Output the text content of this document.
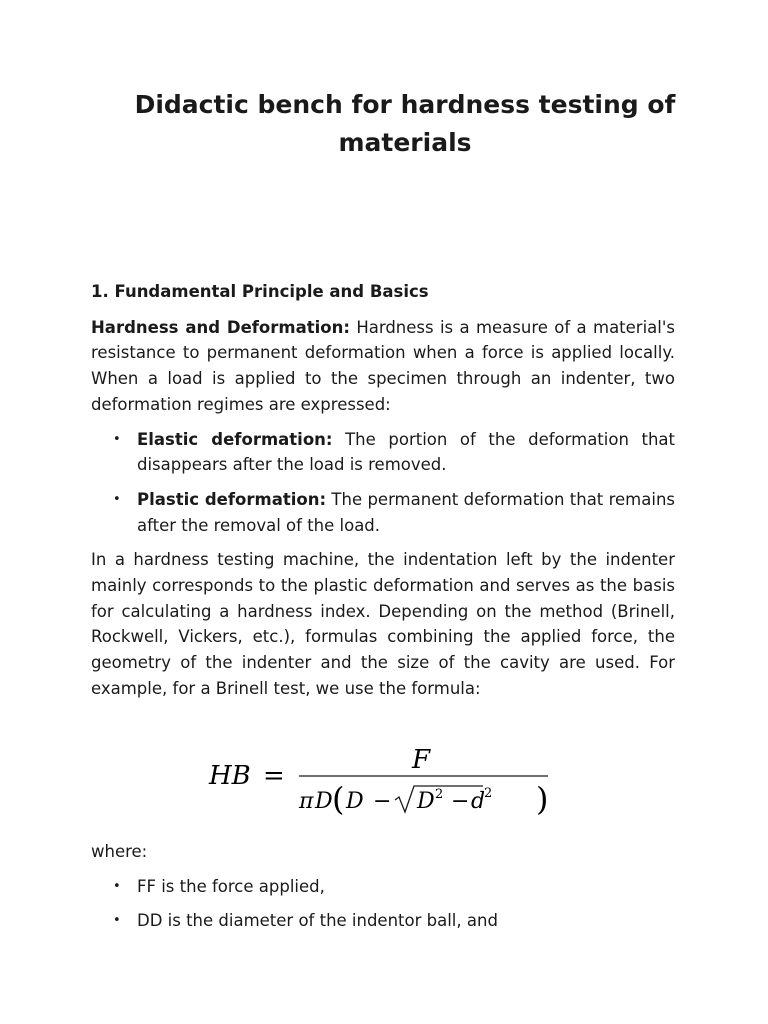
Didactic bench for hardness testing of
materials

1. Fundamental Principle and Basics

Hardness and Deformation: Hardness is a measure of a material's resistance to permanent deformation when a force is applied locally. When a load is applied to the specimen through an indenter, two deformation regimes are expressed:

• Elastic deformation: The portion of the deformation that disappears after the load is removed.
• Plastic deformation: The permanent deformation that remains after the removal of the load.

In a hardness testing machine, the indentation left by the indenter mainly corresponds to the plastic deformation and serves as the basis for calculating a hardness index. Depending on the method (Brinell, Rockwell, Vickers, etc.), formulas combining the applied force, the geometry of the indenter and the size of the cavity are used. For example, for a Brinell test, we use the formula:

HB =
F
π D ( D − D 2 − d
2 )

where:

• FF is the force applied,
• DD is the diameter of the indentor ball, and
